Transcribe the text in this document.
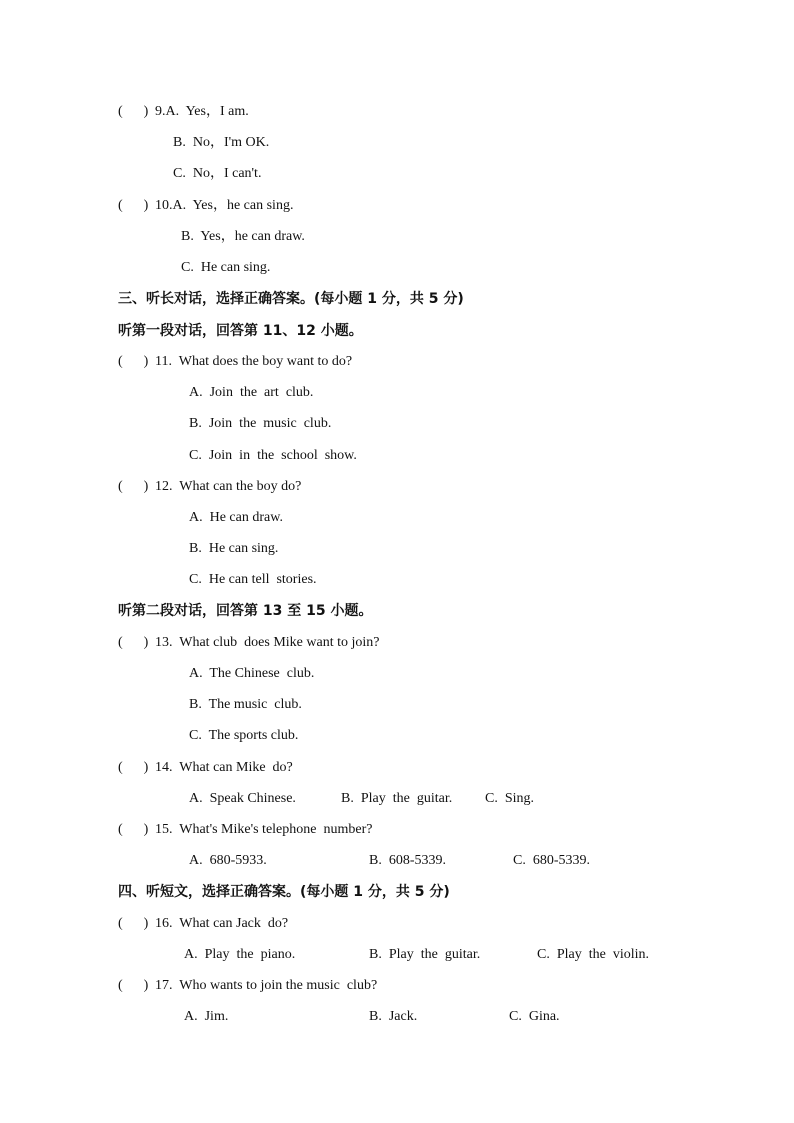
(      ) 9.A.  Yes，I am.
B.  No，I'm OK.
C.  No，I can't.
(      ) 10.A.  Yes，he can sing.
B.  Yes，he can draw.
C.  He can sing.
三、听长对话，选择正确答案。(每小题 1 分，共 5 分)
听第一段对话，回答第 11、12 小题。
(      ) 11.  What does the boy want to do?
A.  Join  the  art  club.
B.  Join  the  music  club.
C.  Join  in  the  school  show.
(      ) 12.  What can the boy do?
A.  He can draw.
B.  He can sing.
C.  He can tell  stories.
听第二段对话，回答第 13 至 15 小题。
(      ) 13.  What club  does Mike want to join?
A.  The Chinese  club.
B.  The music  club.
C.  The sports club.
(      ) 14.  What can Mike  do?
A.  Speak Chinese.	B.  Play  the  guitar. C.  Sing.
(      ) 15.  What's Mike's telephone  number?
A.  680-5933.	B.  608-5339.	C.  680-5339.
四、听短文，选择正确答案。(每小题 1 分，共 5 分)
(      ) 16.  What can Jack  do?
A.  Play  the  piano.	B.  Play  the  guitar.	C.  Play  the  violin.
(      ) 17.  Who wants to join the music  club?
A.  Jim.	B.  Jack.	C.  Gina.
